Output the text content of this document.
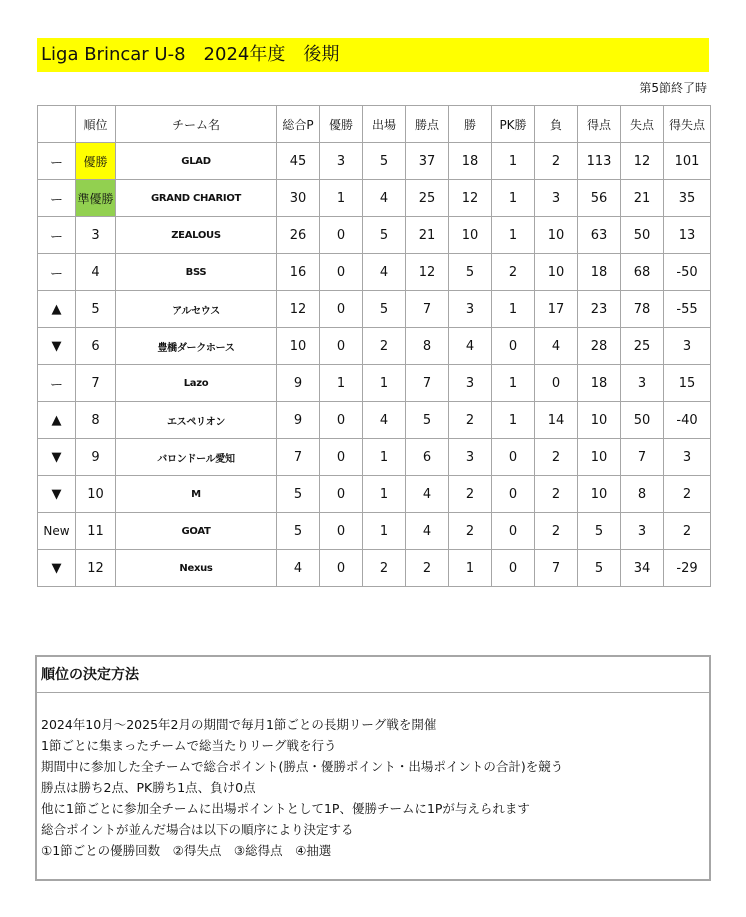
Liga Brincar U-8　2024年度　後期
第5節終了時
	順位	チーム名	総合P	優勝	出場	勝点	勝	PK勝	負	得点	失点	得失点
ー	優勝	GLAD	45	3	5	37	18	1	2	113	12	101
ー	準優勝	GRAND CHARIOT	30	1	4	25	12	1	3	56	21	35
ー	3	ZEALOUS	26	0	5	21	10	1	10	63	50	13
ー	4	BSS	16	0	4	12	5	2	10	18	68	-50
▲	5	アルセウス	12	0	5	7	3	1	17	23	78	-55
▼	6	豊橋ダークホース	10	0	2	8	4	0	4	28	25	3
ー	7	Lazo	9	1	1	7	3	1	0	18	3	15
▲	8	エスペリオン	9	0	4	5	2	1	14	10	50	-40
▼	9	バロンドール愛知	7	0	1	6	3	0	2	10	7	3
▼	10	M	5	0	1	4	2	0	2	10	8	2
New	11	GOAT	5	0	1	4	2	0	2	5	3	2
▼	12	Nexus	4	0	2	2	1	0	7	5	34	-29
順位の決定方法
2024年10月～2025年2月の期間で毎月1節ごとの長期リーグ戦を開催
1節ごとに集まったチームで総当たりリーグ戦を行う
期間中に参加した全チームで総合ポイント(勝点・優勝ポイント・出場ポイントの合計)を競う
勝点は勝ち2点、PK勝ち1点、負け0点
他に1節ごとに参加全チームに出場ポイントとして1P、優勝チームに1Pが与えられます
総合ポイントが並んだ場合は以下の順序により決定する
①1節ごとの優勝回数　②得失点　③総得点　④抽選
